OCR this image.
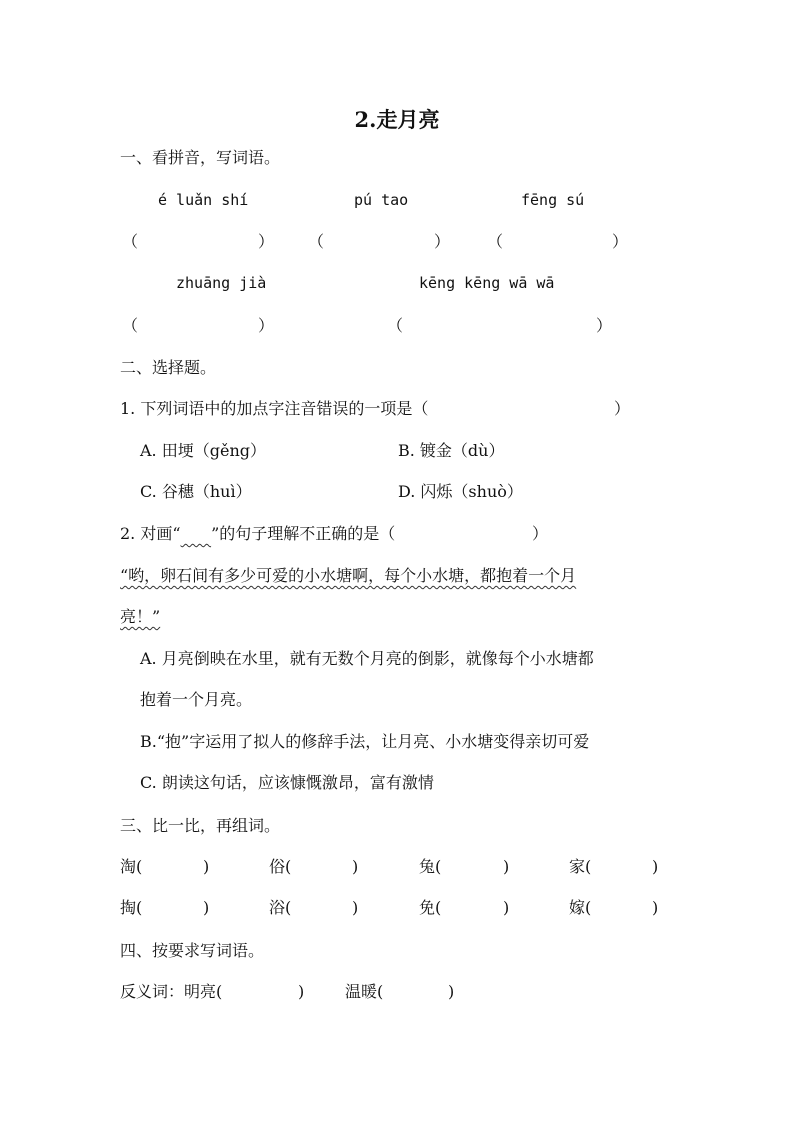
2.走月亮
一、看拼音，写词语。
é luǎn shí	pú tao	fēng sú
（	） （	） （	）
zhuāng jià	kēng kēng wā wā
（	）	（	）
二、选择题。
1. 下列词语中的加点字注音错误的一项是（	）
A. 田埂（gěng）	B. 镀金（dù）
C. 谷穗（huì）	D. 闪烁（shuò）
2. 对画“ ”的句子理解不正确的是（	）
“哟，卵石间有多少可爱的小水塘啊，每个小水塘，都抱着一个月
亮！”
A. 月亮倒映在水里，就有无数个月亮的倒影，就像每个小水塘都
抱着一个月亮。
B.“抱”字运用了拟人的修辞手法，让月亮、小水塘变得亲切可爱
C. 朗读这句话，应该慷慨激昂，富有激情
三、比一比，再组词。
淘(	)	俗(	)	兔(	)	家(	)
掏(	)	浴(	)	免(	)	嫁(	)
四、按要求写词语。
反义词：明亮(	)	温暖(	)
